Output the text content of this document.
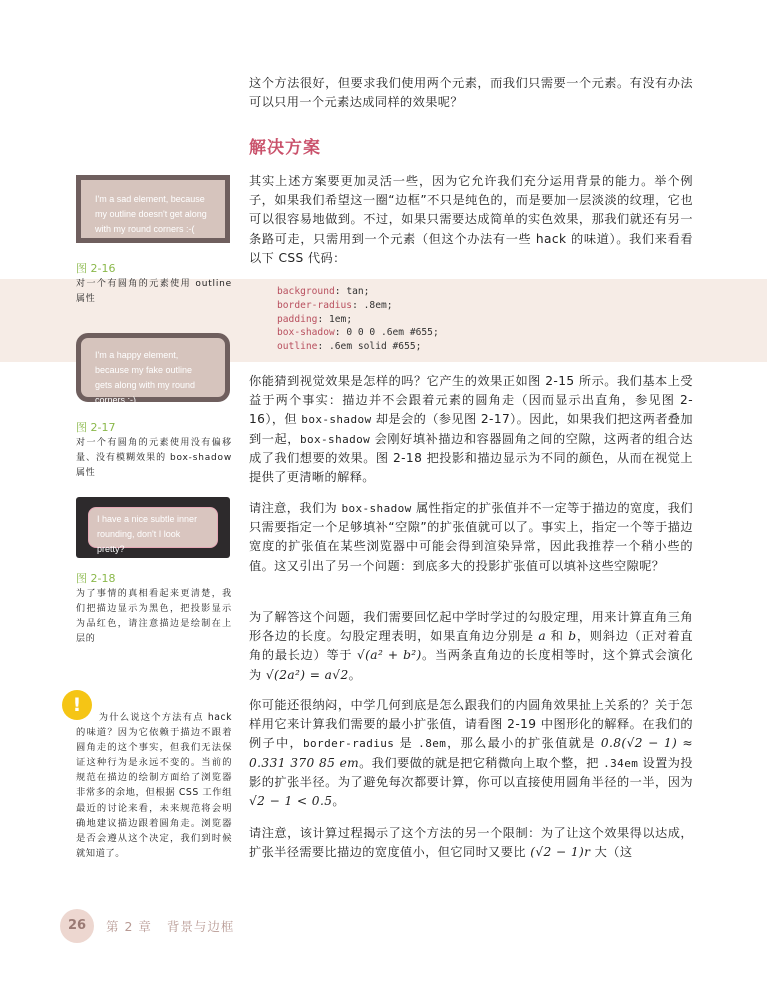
这个方法很好，但要求我们使用两个元素，而我们只需要一个元素。有没有办法可以只用一个元素达成同样的效果呢？

解决方案

其实上述方案要更加灵活一些，因为它允许我们充分运用背景的能力。举个例子，如果我们希望这一圈“边框”不只是纯色的，而是要加一层淡淡的纹理，它也可以很容易地做到。不过，如果只需要达成简单的实色效果，那我们就还有另一条路可走，只需用到一个元素（但这个办法有一些 hack 的味道）。我们来看看以下 CSS 代码：

background: tan;
border-radius: .8em;
padding: 1em;
box-shadow: 0 0 0 .6em #655;
outline: .6em solid #655;

你能猜到视觉效果是怎样的吗？它产生的效果正如图 2-15 所示。我们基本上受益于两个事实：描边并不会跟着元素的圆角走（因而显示出直角，参见图 2-16），但 box-shadow 却是会的（参见图 2-17）。因此，如果我们把这两者叠加到一起，box-shadow 会刚好填补描边和容器圆角之间的空隙，这两者的组合达成了我们想要的效果。图 2-18 把投影和描边显示为不同的颜色，从而在视觉上提供了更清晰的解释。

请注意，我们为 box-shadow 属性指定的扩张值并不一定等于描边的宽度，我们只需要指定一个足够填补“空隙”的扩张值就可以了。事实上，指定一个等于描边宽度的扩张值在某些浏览器中可能会得到渲染异常，因此我推荐一个稍小些的值。这又引出了另一个问题：到底多大的投影扩张值可以填补这些空隙呢？

为了解答这个问题，我们需要回忆起中学时学过的勾股定理，用来计算直角三角形各边的长度。勾股定理表明，如果直角边分别是 a 和 b，则斜边（正对着直角的最长边）等于 √(a² + b²)。当两条直角边的长度相等时，这个算式会演化为 √(2a²) = a√2。

你可能还很纳闷，中学几何到底是怎么跟我们的内圆角效果扯上关系的？关于怎样用它来计算我们需要的最小扩张值，请看图 2-19 中图形化的解释。在我们的例子中，border-radius 是 .8em，那么最小的扩张值就是 0.8(√2 − 1) ≈ 0.331 370 85 em。我们要做的就是把它稍微向上取个整，把 .34em 设置为投影的扩张半径。为了避免每次都要计算，你可以直接使用圆角半径的一半，因为 √2 − 1 < 0.5。

请注意，该计算过程揭示了这个方法的另一个限制：为了让这个效果得以达成，扩张半径需要比描边的宽度值小，但它同时又要比 (√2 − 1)r 大（这

I'm a sad element, because my outline doesn't get along with my round corners :-(
图 2-16
对一个有圆角的元素使用 outline 属性
I'm a happy element, because my fake outline gets along with my round corners :-)
图 2-17
对一个有圆角的元素使用没有偏移量、没有模糊效果的 box-shadow 属性
I have a nice subtle inner rounding, don't I look pretty?
图 2-18
为了事情的真相看起来更清楚，我们把描边显示为黑色，把投影显示为品红色，请注意描边是绘制在上层的
!
为什么说这个方法有点 hack 的味道？因为它依赖于描边不跟着圆角走的这个事实，但我们无法保证这种行为是永远不变的。当前的规范在描边的绘制方面给了浏览器非常多的余地，但根据 CSS 工作组最近的讨论来看，未来规范将会明确地建议描边跟着圆角走。浏览器是否会遵从这个决定，我们到时候就知道了。
26	第 2 章 背景与边框
